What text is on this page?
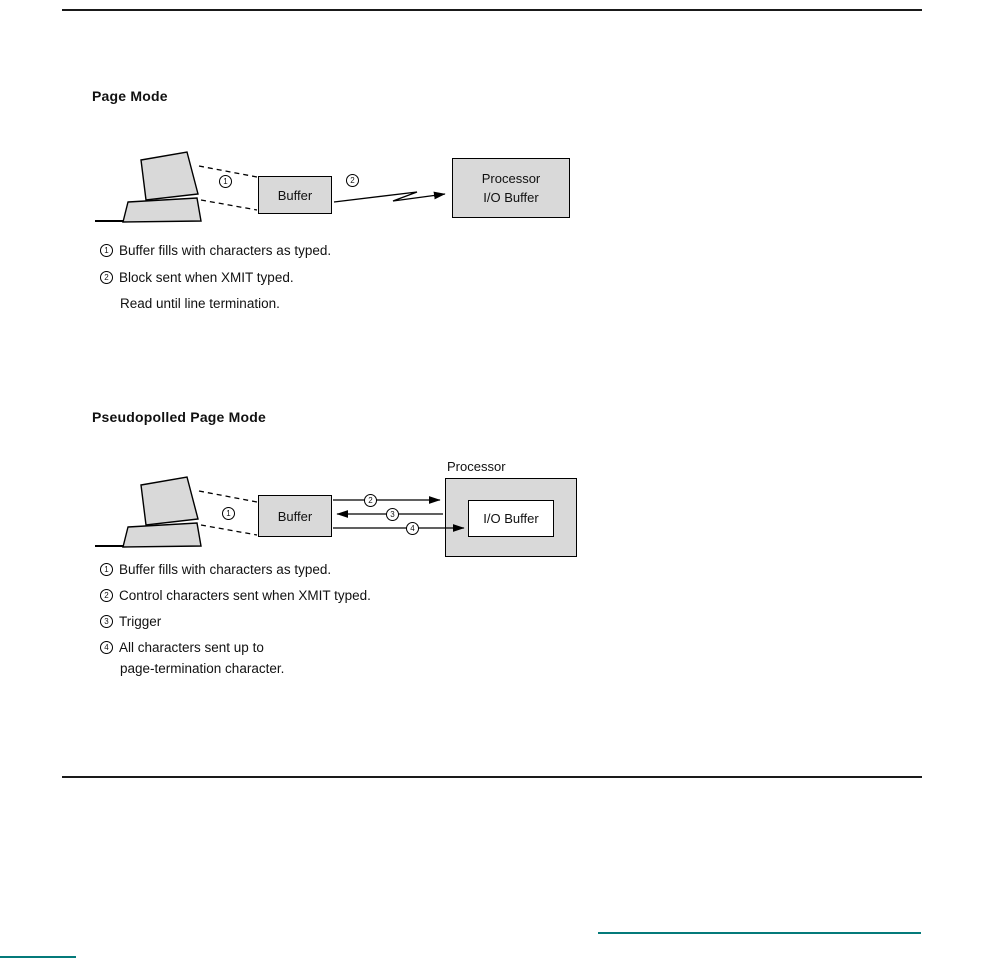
Page Mode
1
Buffer
2	Processor
I/O Buffer
1 Buffer fills with characters as typed.
2 Block sent when XMIT typed.
Read until line termination.
Pseudopolled Page Mode
Processor
I/O Buffer
Buffer
1
2
3
4
1 Buffer fills with characters as typed.
2 Control characters sent when XMIT typed.
3 Trigger
4 All characters sent up to
page-termination character.
